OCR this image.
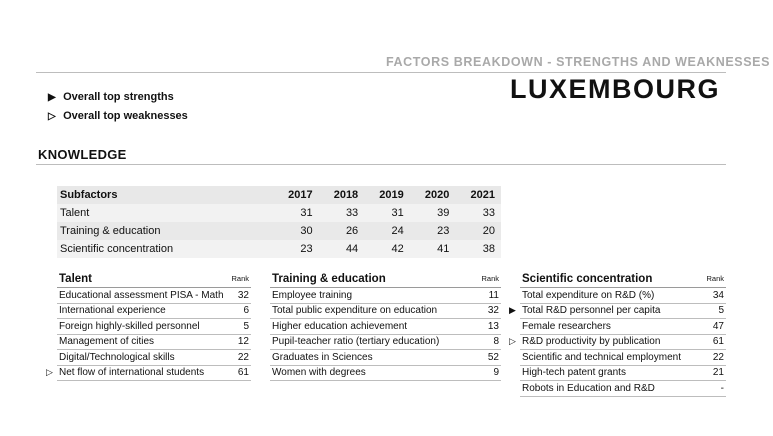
FACTORS BREAKDOWN - STRENGTHS AND WEAKNESSES
LUXEMBOURG
▶ Overall top strengths
▷ Overall top weaknesses
KNOWLEDGE
Subfactors	2017	2018	2019	2020	2021
Talent	31	33	31	39	33
Training & education	30	26	24	23	20
Scientific concentration	23	44	42	41	38
Talent	Rank
Educational assessment PISA - Math	32
International experience	6
Foreign highly-skilled personnel	5
Management of cities	12
Digital/Technological skills	22
Net flow of international students	61
▷
Training & education	Rank
Employee training	11
Total public expenditure on education	32
Higher education achievement	13
Pupil-teacher ratio (tertiary education)	8
Graduates in Sciences	52
Women with degrees	9
Scientific concentration	Rank
Total expenditure on R&D (%)	34
Total R&D personnel per capita	5
Female researchers	47
R&D productivity by publication	61
Scientific and technical employment	22
High-tech patent grants	21
Robots in Education and R&D	-
▶
▷
